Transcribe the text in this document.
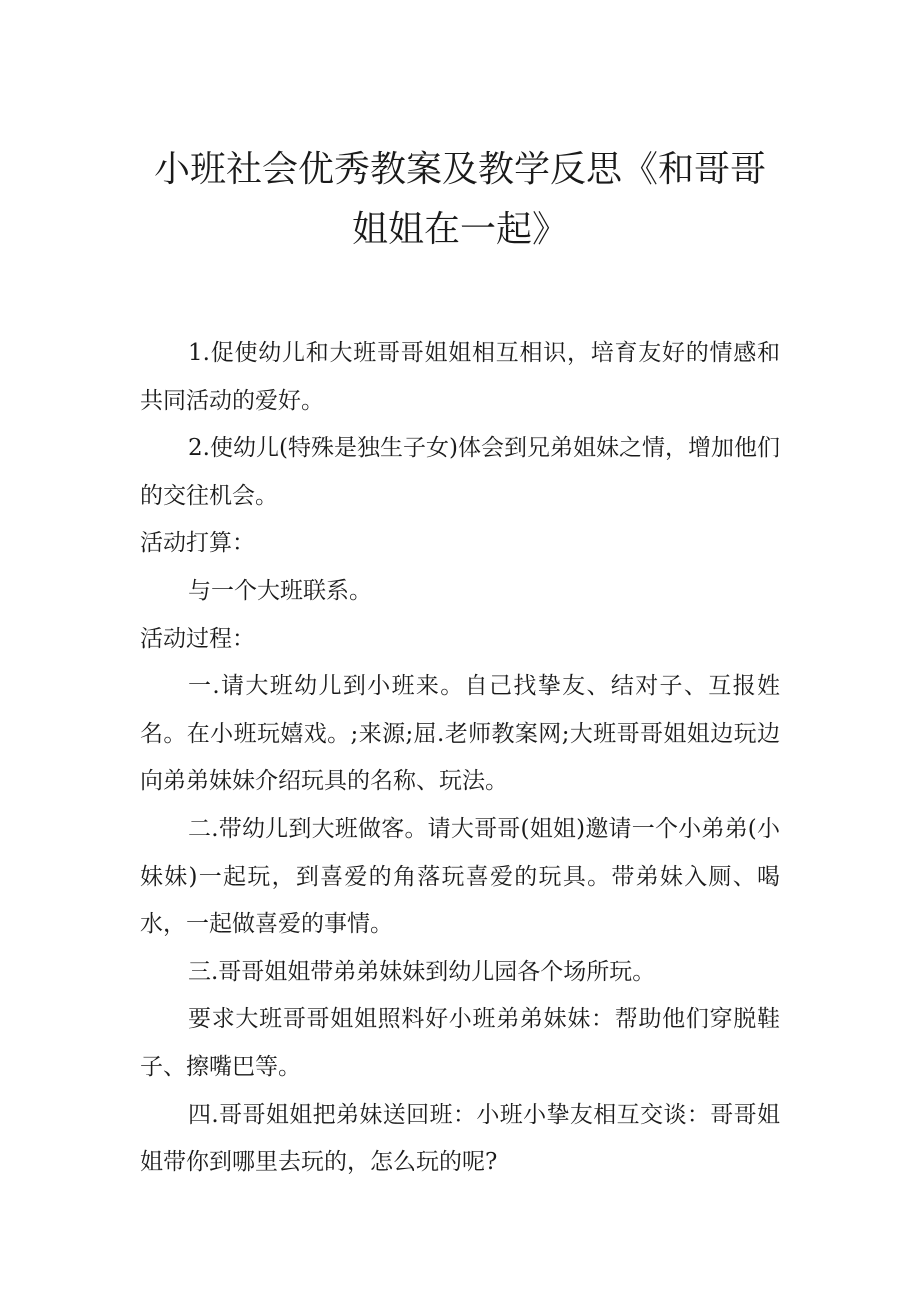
小班社会优秀教案及教学反思《和哥哥姐姐在一起》

1.促使幼儿和大班哥哥姐姐相互相识，培育友好的情感和共同活动的爱好。

2.使幼儿(特殊是独生子女)体会到兄弟姐妹之情，增加他们的交往机会。

活动打算：

与一个大班联系。

活动过程：

一.请大班幼儿到小班来。自己找挚友、结对子、互报姓名。在小班玩嬉戏。;来源;屈.老师教案网;大班哥哥姐姐边玩边向弟弟妹妹介绍玩具的名称、玩法。

二.带幼儿到大班做客。请大哥哥(姐姐)邀请一个小弟弟(小妹妹)一起玩，到喜爱的角落玩喜爱的玩具。带弟妹入厕、喝水，一起做喜爱的事情。

三.哥哥姐姐带弟弟妹妹到幼儿园各个场所玩。

要求大班哥哥姐姐照料好小班弟弟妹妹：帮助他们穿脱鞋子、擦嘴巴等。

四.哥哥姐姐把弟妹送回班：小班小挚友相互交谈：哥哥姐姐带你到哪里去玩的，怎么玩的呢?
